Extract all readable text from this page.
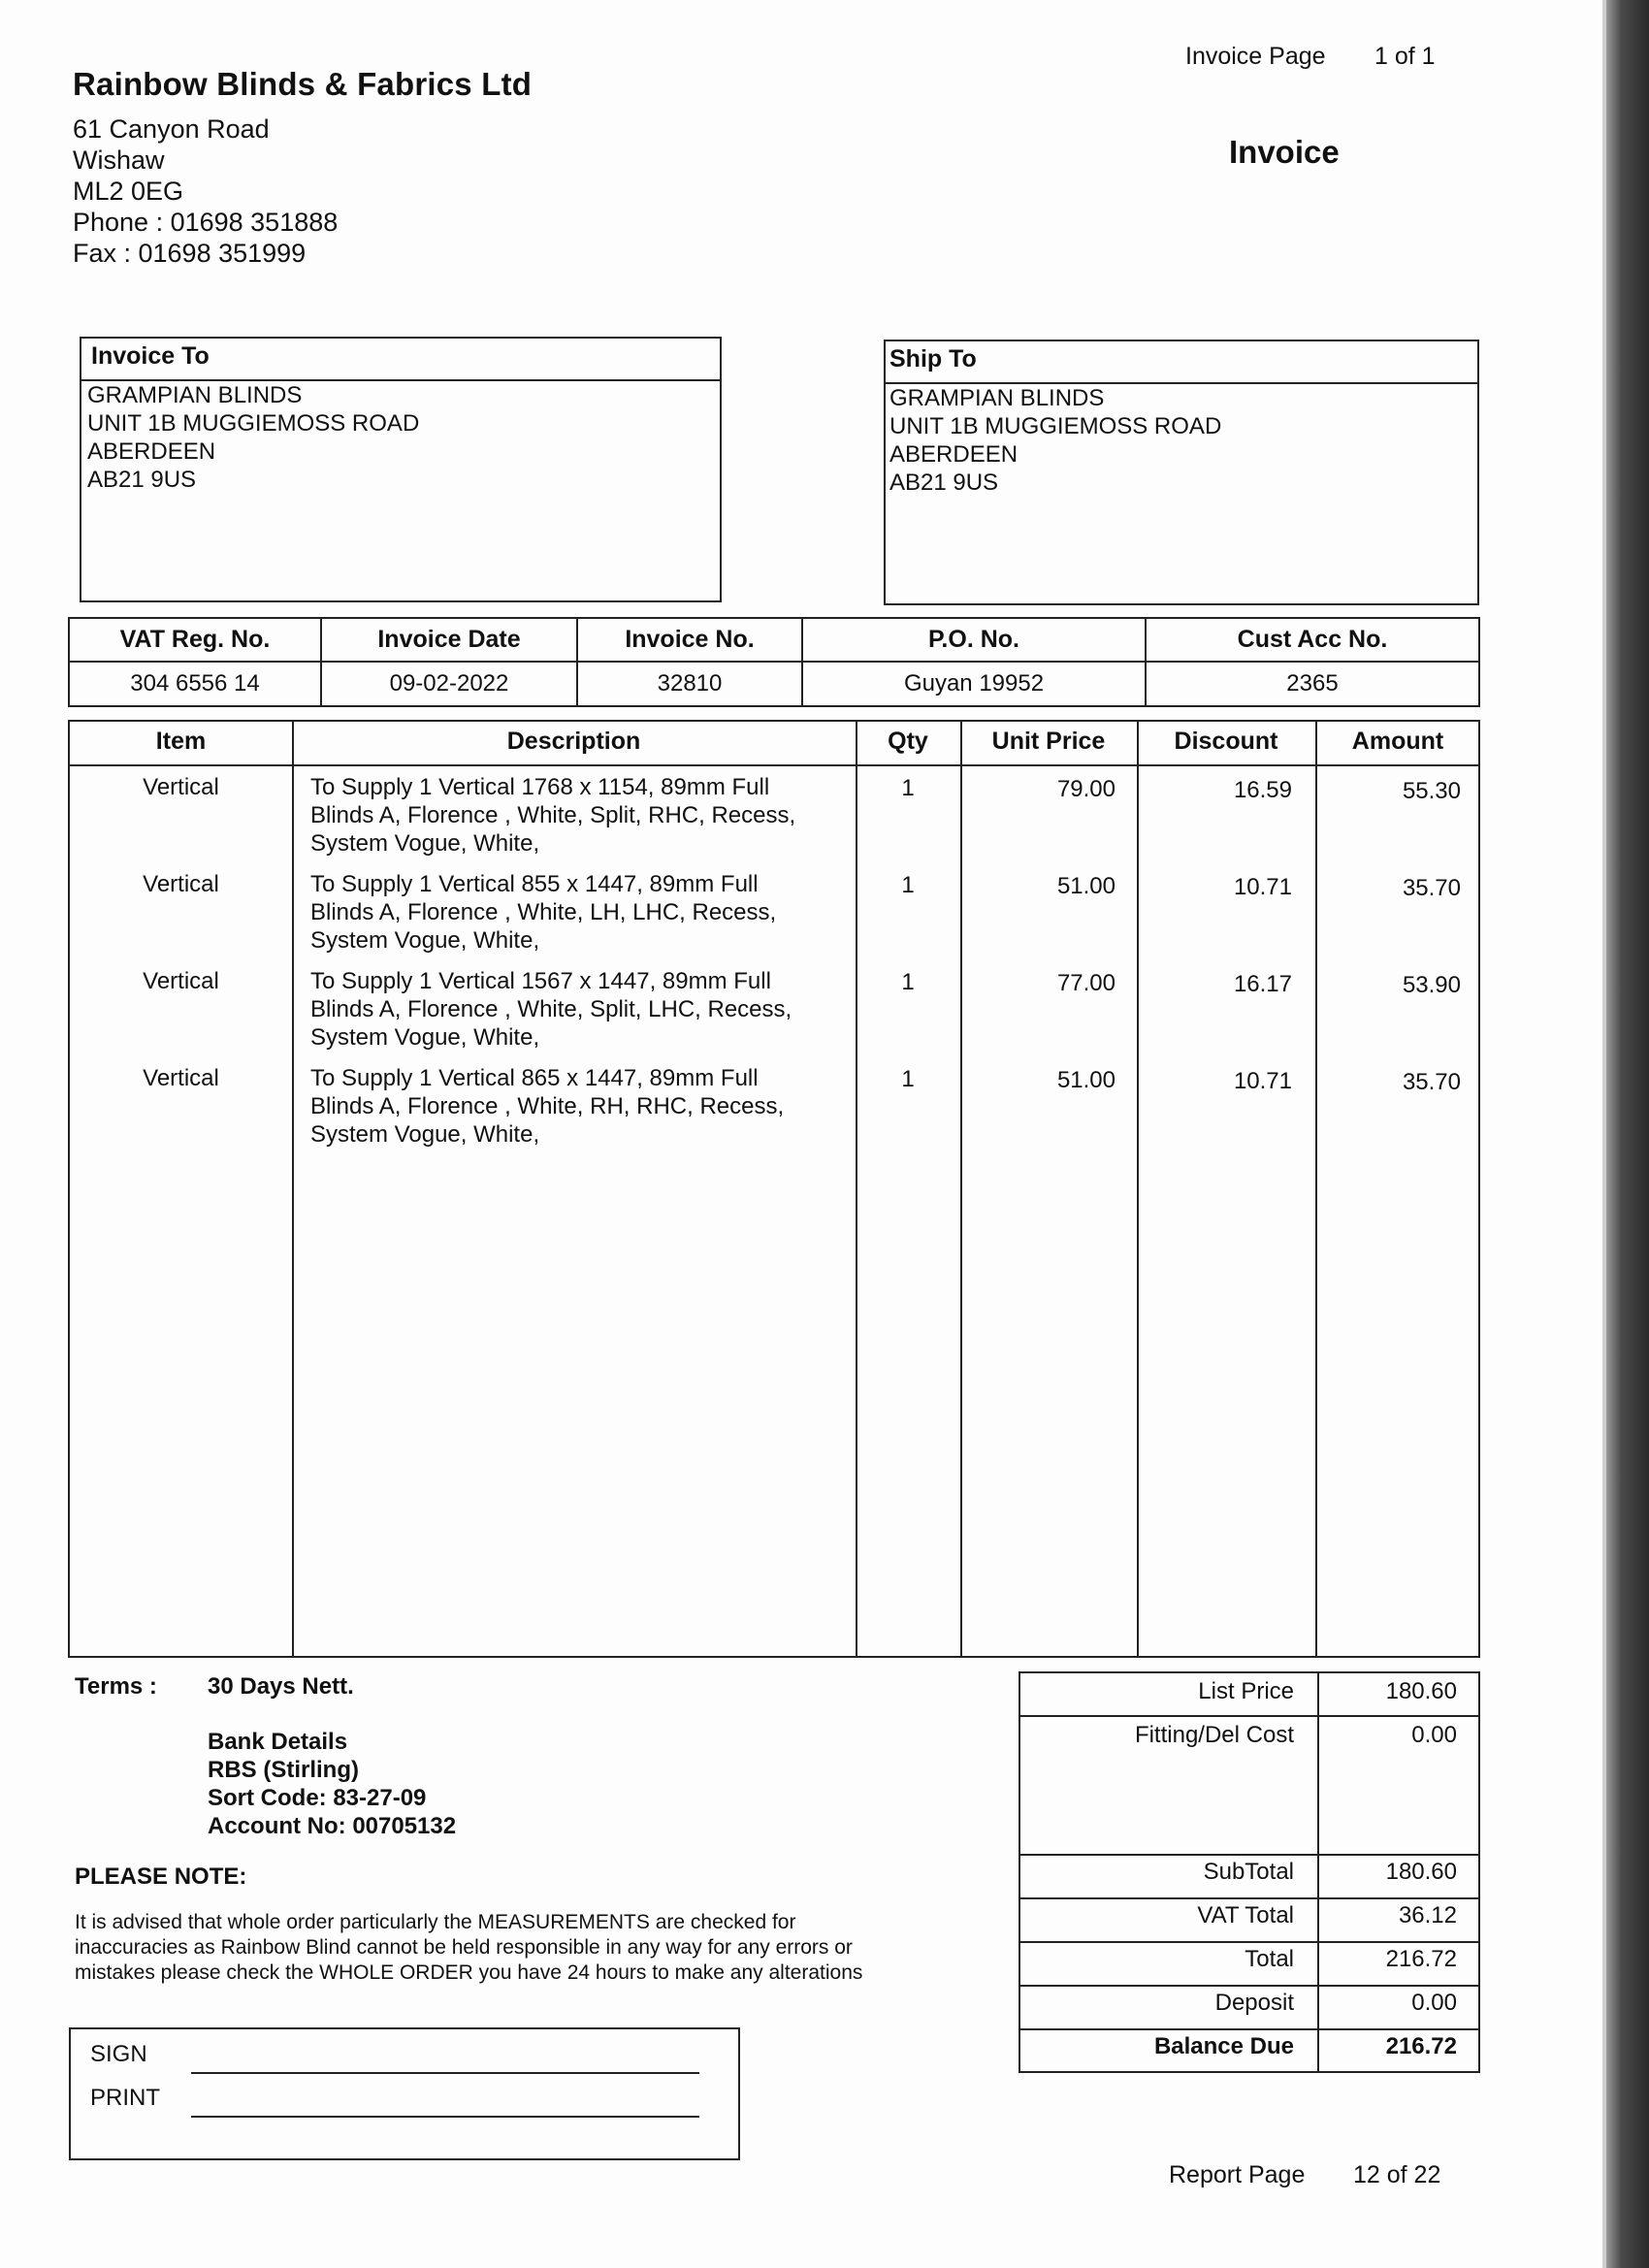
Invoice Page 1 of 1
Invoice
Rainbow Blinds & Fabrics Ltd
61 Canyon Road
Wishaw
ML2 0EG
Phone : 01698 351888
Fax : 01698 351999
Invoice To
GRAMPIAN BLINDS
UNIT 1B MUGGIEMOSS ROAD
ABERDEEN
AB21 9US
Ship To
GRAMPIAN BLINDS
UNIT 1B MUGGIEMOSS ROAD
ABERDEEN
AB21 9US
VAT Reg. No.	Invoice Date	Invoice No.	P.O. No.	Cust Acc No.
304 6556 14	09-02-2022	32810	Guyan 19952	2365
Item	Description	Qty	Unit Price	Discount	Amount
Vertical	To Supply 1 Vertical 1768 x 1154, 89mm Full
Blinds A, Florence , White, Split, RHC, Recess,
System Vogue, White,
1	79.00	16.59	55.30
Vertical	To Supply 1 Vertical 855 x 1447, 89mm Full
Blinds A, Florence , White, LH, LHC, Recess,
System Vogue, White,
1	51.00	10.71	35.70
Vertical	To Supply 1 Vertical 1567 x 1447, 89mm Full
Blinds A, Florence , White, Split, LHC, Recess,
System Vogue, White,
1	77.00	16.17	53.90
Vertical	To Supply 1 Vertical 865 x 1447, 89mm Full
Blinds A, Florence , White, RH, RHC, Recess,
System Vogue, White,
1	51.00	10.71	35.70
Terms : 30 Days Nett.
Bank Details
RBS (Stirling)
Sort Code: 83-27-09
Account No: 00705132
PLEASE NOTE:
It is advised that whole order particularly the MEASUREMENTS are checked for
inaccuracies as Rainbow Blind cannot be held responsible in any way for any errors or
mistakes please check the WHOLE ORDER you have 24 hours to make any alterations
List Price	180.60
Fitting/Del Cost	0.00
SubTotal	180.60
VAT Total	36.12
Total	216.72
Deposit	0.00
Balance Due	216.72
SIGN
PRINT
Report Page 12 of 22
